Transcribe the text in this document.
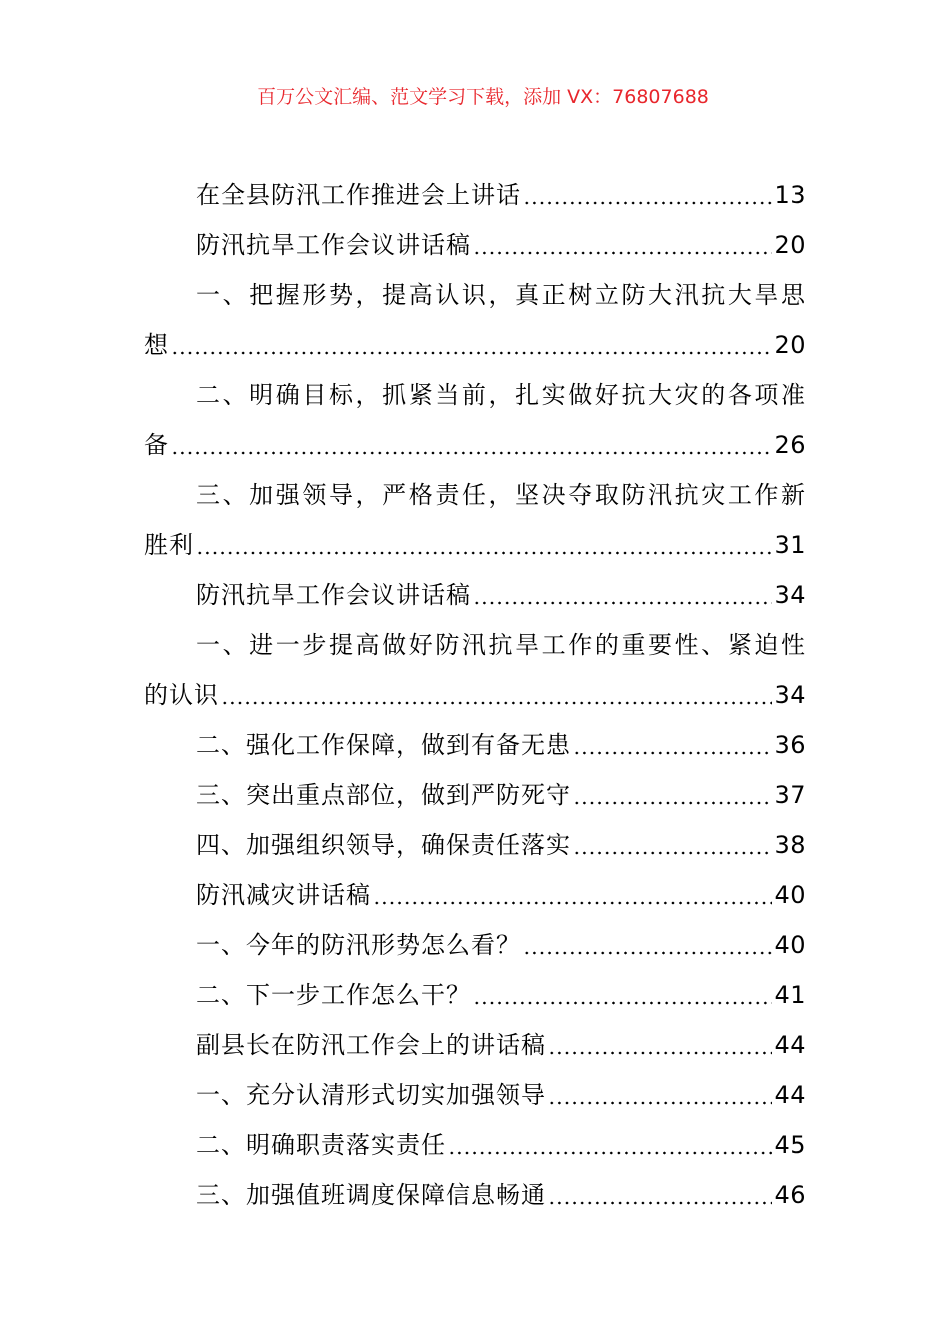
百万公文汇编、范文学习下载，添加 VX：76807688
在全县防汛工作推进会上讲话	13
防汛抗旱工作会议讲话稿	20
一、把握形势，提高认识，真正树立防大汛抗大旱思
想	20
二、明确目标，抓紧当前，扎实做好抗大灾的各项准
备	26
三、加强领导，严格责任，坚决夺取防汛抗灾工作新
胜利	31
防汛抗旱工作会议讲话稿	34
一、进一步提高做好防汛抗旱工作的重要性、紧迫性
的认识	34
二、强化工作保障，做到有备无患	36
三、突出重点部位，做到严防死守	37
四、加强组织领导，确保责任落实	38
防汛减灾讲话稿	40
一、今年的防汛形势怎么看？	40
二、下一步工作怎么干？	41
副县长在防汛工作会上的讲话稿	44
一、充分认清形式切实加强领导	44
二、明确职责落实责任	45
三、加强值班调度保障信息畅通	46
